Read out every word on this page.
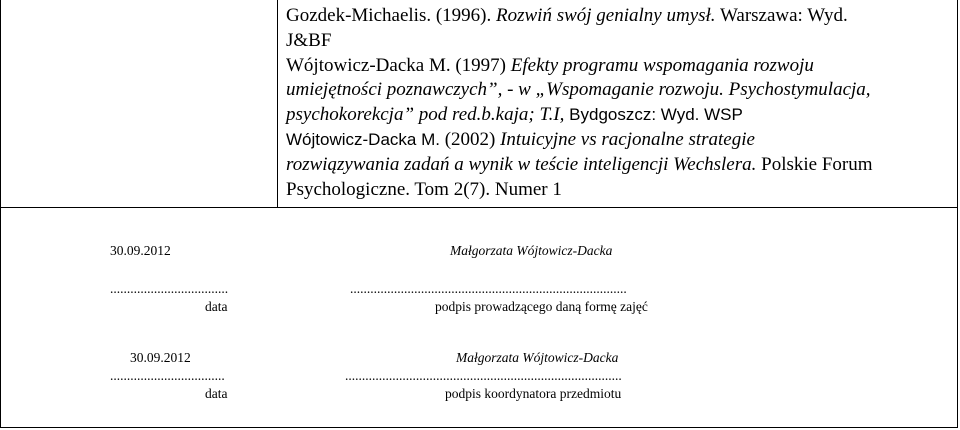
Gozdek-Michaelis. (1996). Rozwiń swój genialny umysł. Warszawa: Wyd.
J&BF
Wójtowicz-Dacka M. (1997) Efekty programu wspomagania rozwoju
umiejętności poznawczych”, - w „Wspomaganie rozwoju. Psychostymulacja,
psychokorekcja” pod red.b.kaja; T.I, Bydgoszcz: Wyd. WSP
Wójtowicz-Dacka M. (2002) Intuicyjne vs racjonalne strategie
rozwiązywania zadań a wynik w teście inteligencji Wechslera. Polskie Forum
Psychologiczne. Tom 2(7). Numer 1
30.09.2012	Małgorzata Wójtowicz-Dacka
...................................	..................................................................................
data	podpis prowadzącego daną formę zajęć
30.09.2012	Małgorzata Wójtowicz-Dacka
..................................	..................................................................................
data	podpis koordynatora przedmiotu
